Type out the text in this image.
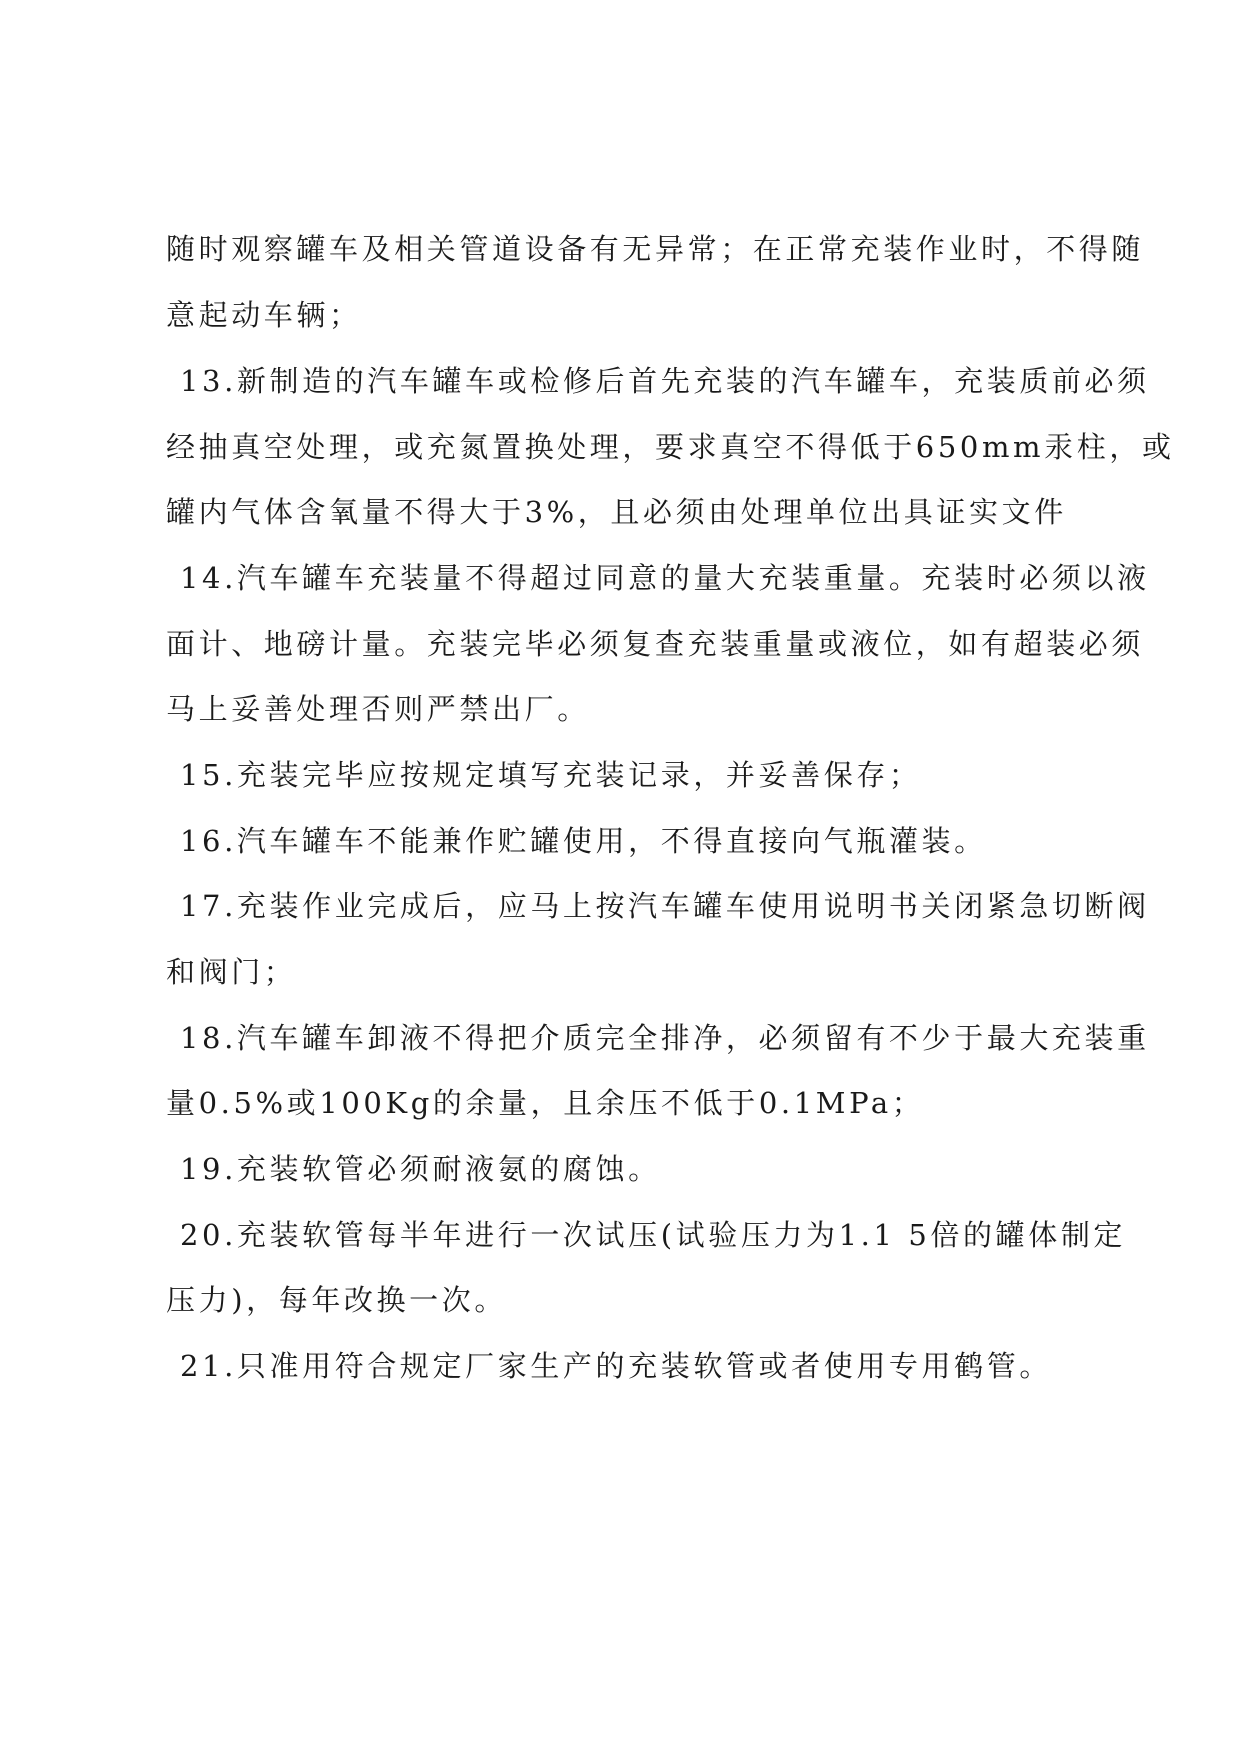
随时观察罐车及相关管道设备有无异常；在正常充装作业时，不得随
意起动车辆；
13.新制造的汽车罐车或检修后首先充装的汽车罐车，充装质前必须
经抽真空处理，或充氮置换处理，要求真空不得低于650mm汞柱，或
罐内气体含氧量不得大于3%，且必须由处理单位出具证实文件
14.汽车罐车充装量不得超过同意的量大充装重量。充装时必须以液
面计、地磅计量。充装完毕必须复查充装重量或液位，如有超装必须
马上妥善处理否则严禁出厂。
15.充装完毕应按规定填写充装记录，并妥善保存；
16.汽车罐车不能兼作贮罐使用，不得直接向气瓶灌装。
17.充装作业完成后，应马上按汽车罐车使用说明书关闭紧急切断阀
和阀门；
18.汽车罐车卸液不得把介质完全排净，必须留有不少于最大充装重
量0.5%或100Kg的余量，且余压不低于0.1MPa；
19.充装软管必须耐液氨的腐蚀。
20.充装软管每半年进行一次试压(试验压力为1.1 5倍的罐体制定
压力)，每年改换一次。
21.只准用符合规定厂家生产的充装软管或者使用专用鹤管。
